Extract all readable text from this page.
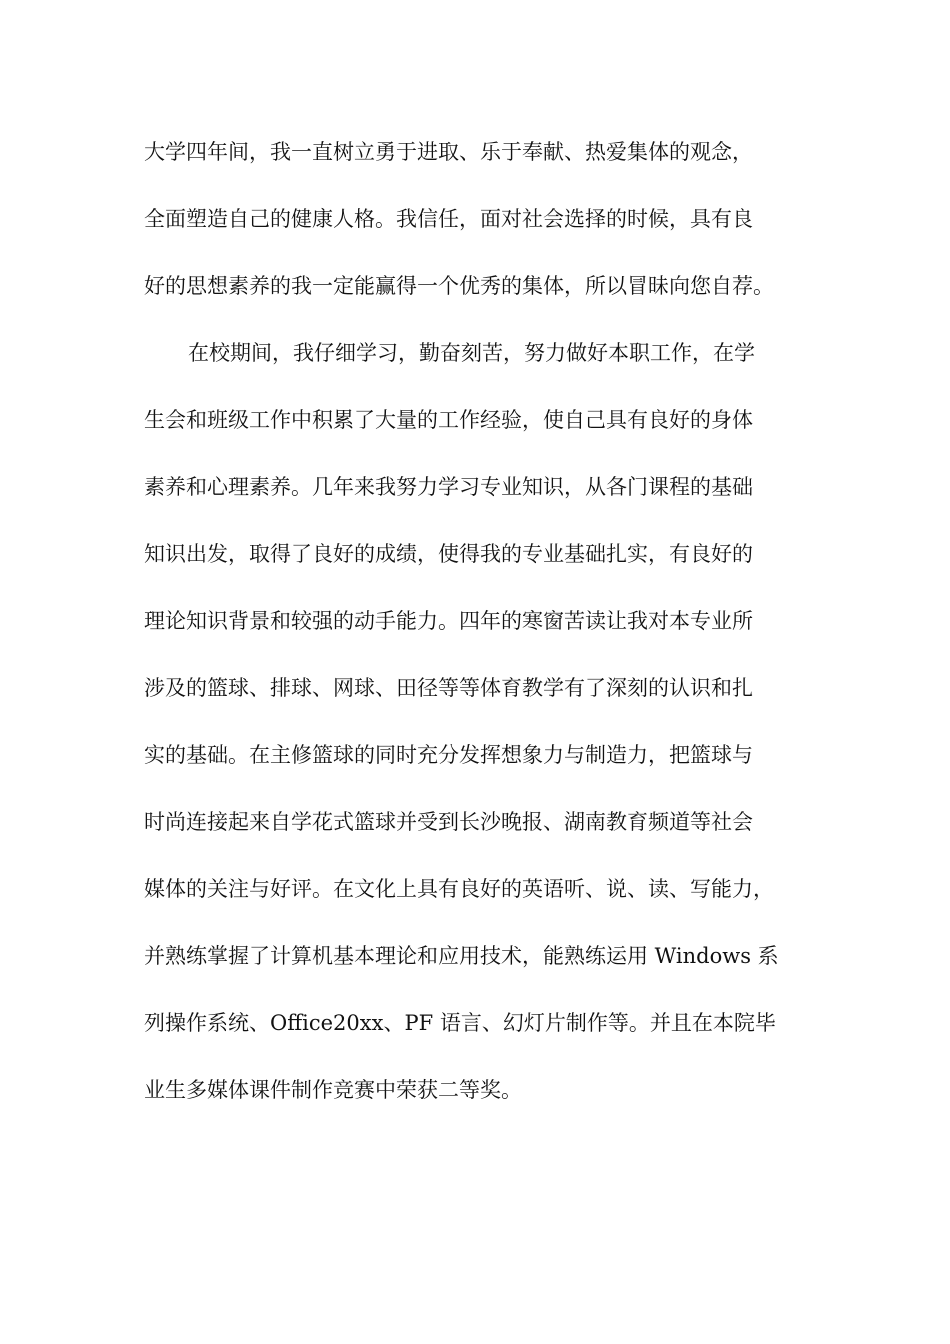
大学四年间，我一直树立勇于进取、乐于奉献、热爱集体的观念，
全面塑造自己的健康人格。我信任，面对社会选择的时候，具有良
好的思想素养的我一定能赢得一个优秀的集体，所以冒昧向您自荐。
在校期间，我仔细学习，勤奋刻苦，努力做好本职工作，在学
生会和班级工作中积累了大量的工作经验，使自己具有良好的身体
素养和心理素养。几年来我努力学习专业知识，从各门课程的基础
知识出发，取得了良好的成绩，使得我的专业基础扎实，有良好的
理论知识背景和较强的动手能力。四年的寒窗苦读让我对本专业所
涉及的篮球、排球、网球、田径等等体育教学有了深刻的认识和扎
实的基础。在主修篮球的同时充分发挥想象力与制造力，把篮球与
时尚连接起来自学花式篮球并受到长沙晚报、湖南教育频道等社会
媒体的关注与好评。在文化上具有良好的英语听、说、读、写能力，
并熟练掌握了计算机基本理论和应用技术，能熟练运用 Windows 系
列操作系统、Office20xx、PF 语言、幻灯片制作等。并且在本院毕
业生多媒体课件制作竞赛中荣获二等奖。
